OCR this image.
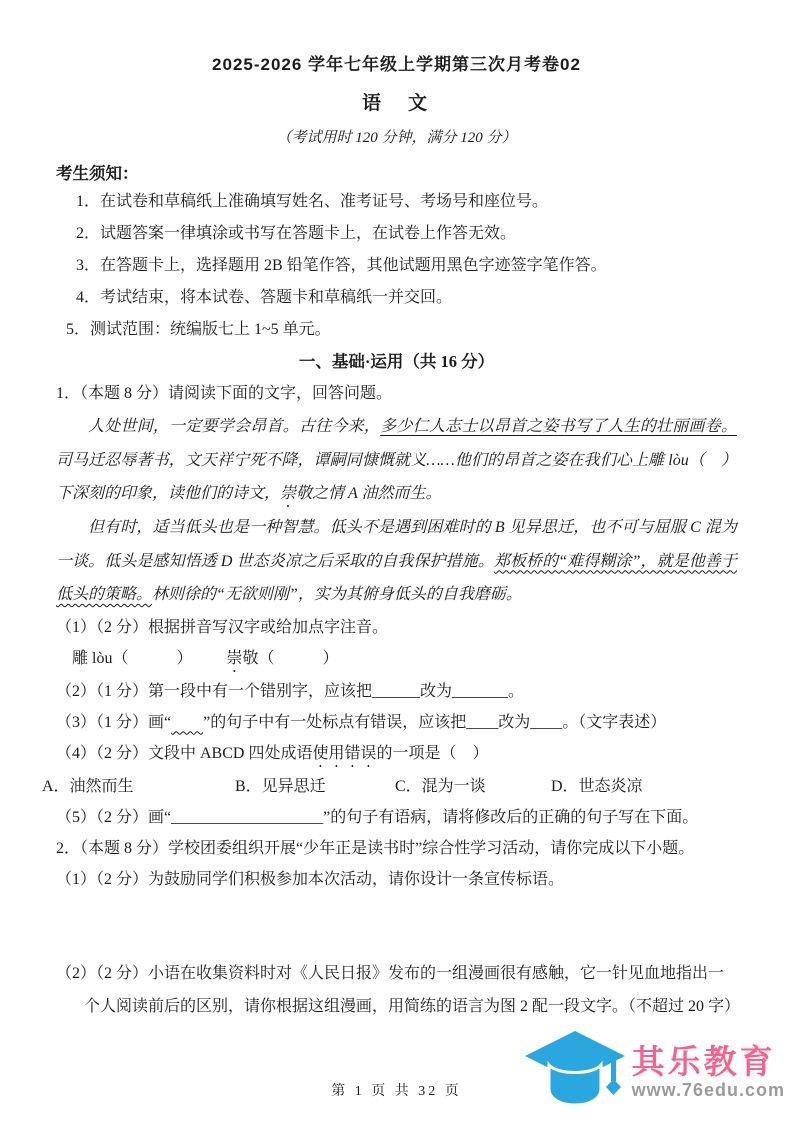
2025-2026 学年七年级上学期第三次月考卷02
语　文
（考试用时 120 分钟，满分 120 分）
考生须知：
1．在试卷和草稿纸上准确填写姓名、准考证号、考场号和座位号。
2．试题答案一律填涂或书写在答题卡上，在试卷上作答无效。
3．在答题卡上，选择题用 2B 铅笔作答，其他试题用黑色字迹签字笔作答。
4．考试结束，将本试卷、答题卡和草稿纸一并交回。
5．测试范围：统编版七上 1~5 单元。
一、基础·运用（共 16 分）
1．（本题 8 分）请阅读下面的文字，回答问题。

人处世间，一定要学会昂首。古往今来，多少仁人志士以昂首之姿书写了人生的壮丽画卷。司马迁忍辱著书，文天祥宁死不降，谭嗣同慷慨就义……他们的昂首之姿在我们心上雕 lòu（　）下深刻的印象，读他们的诗文，崇敬之情 A 油然而生。

但有时，适当低头也是一种智慧。低头不是遇到困难时的 B 见异思迁，也不可与屈服 C 混为一谈。低头是感知悟透 D 世态炎凉之后采取的自我保护措施。郑板桥的“难得糊涂”，就是他善于低头的策略。林则徐的“无欲则刚”，实为其俯身低头的自我磨砺。

（1）（2 分）根据拼音写汉字或给加点字注音。
雕 lòu（　　　） 崇敬（　　　）
（2）（1 分）第一段中有一个错别字，应该把______改为_______。
（3）（1 分）画“ ”的句子中有一处标点有错误，应该把____改为____。（文字表述）
（4）（2 分）文段中 ABCD 四处成语使用错误的一项是（　）
A．油然而生	B．见异思迁	C．混为一谈	D．世态炎凉
（5）（2 分）画“___________________”的句子有语病，请将修改后的正确的句子写在下面。
2．（本题 8 分）学校团委组织开展“少年正是读书时”综合性学习活动，请你完成以下小题。
（1）（2 分）为鼓励同学们积极参加本次活动，请你设计一条宣传标语。
（2）（2 分）小语在收集资料时对《人民日报》发布的一组漫画很有感触，它一针见血地指出一个人阅读前后的区别，请你根据这组漫画，用简练的语言为图 2 配一段文字。（不超过 20 字）
第 1 页 共 32 页
其乐教育
www.76edu.com
